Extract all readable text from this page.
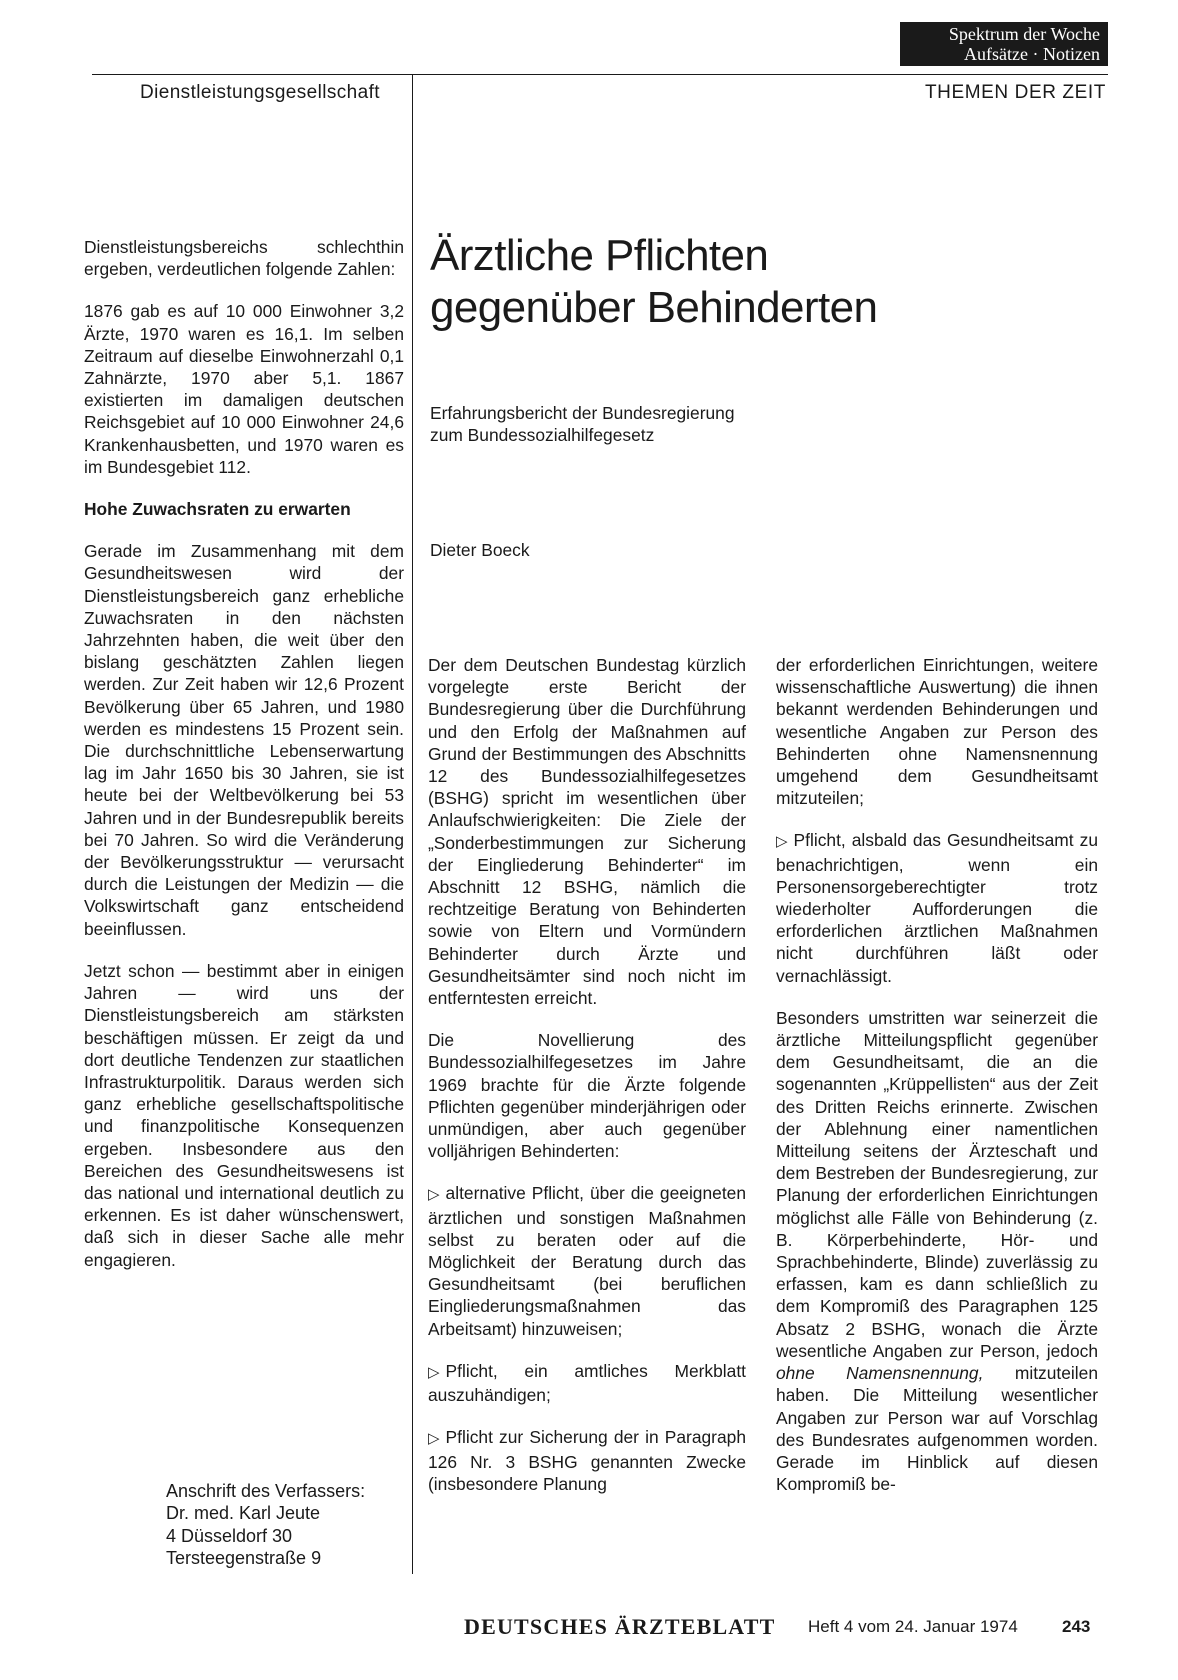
Spektrum der Woche
Aufsätze · Notizen
Dienstleistungsgesellschaft	THEMEN DER ZEIT

Dienstleistungsbereichs schlechthin ergeben, verdeutlichen folgende Zahlen:

1876 gab es auf 10 000 Einwohner 3,2 Ärzte, 1970 waren es 16,1. Im selben Zeitraum auf dieselbe Einwohnerzahl 0,1 Zahnärzte, 1970 aber 5,1. 1867 existierten im damaligen deutschen Reichsgebiet auf 10 000 Einwohner 24,6 Krankenhausbetten, und 1970 waren es im Bundesgebiet 112.

Hohe Zuwachsraten zu erwarten

Gerade im Zusammenhang mit dem Gesundheitswesen wird der Dienstleistungsbereich ganz erhebliche Zuwachsraten in den nächsten Jahrzehnten haben, die weit über den bislang geschätzten Zahlen liegen werden. Zur Zeit haben wir 12,6 Prozent Bevölkerung über 65 Jahren, und 1980 werden es mindestens 15 Prozent sein. Die durchschnittliche Lebenserwartung lag im Jahr 1650 bis 30 Jahren, sie ist heute bei der Weltbevölkerung bei 53 Jahren und in der Bundesrepublik bereits bei 70 Jahren. So wird die Veränderung der Bevölkerungsstruktur — verursacht durch die Leistungen der Medizin — die Volkswirtschaft ganz entscheidend beeinflussen.

Jetzt schon — bestimmt aber in einigen Jahren — wird uns der Dienstleistungsbereich am stärksten beschäftigen müssen. Er zeigt da und dort deutliche Tendenzen zur staatlichen Infrastrukturpolitik. Daraus werden sich ganz erhebliche gesellschaftspolitische und finanzpolitische Konsequenzen ergeben. Insbesondere aus den Bereichen des Gesundheitswesens ist das national und international deutlich zu erkennen. Es ist daher wünschenswert, daß sich in dieser Sache alle mehr engagieren.

Anschrift des Verfassers:
Dr. med. Karl Jeute
4 Düsseldorf 30
Tersteegenstraße 9
Ärztliche Pflichten
gegenüber Behinderten
Erfahrungsbericht der Bundesregierung
zum Bundessozialhilfegesetz
Dieter Boeck

Der dem Deutschen Bundestag kürzlich vorgelegte erste Bericht der Bundesregierung über die Durchführung und den Erfolg der Maßnahmen auf Grund der Bestimmungen des Abschnitts 12 des Bundessozialhilfegesetzes (BSHG) spricht im wesentlichen über Anlaufschwierigkeiten: Die Ziele der „Sonderbestimmungen zur Sicherung der Eingliederung Behinderter“ im Abschnitt 12 BSHG, nämlich die rechtzeitige Beratung von Behinderten sowie von Eltern und Vormündern Behinderter durch Ärzte und Gesundheitsämter sind noch nicht im entferntesten erreicht.

Die Novellierung des Bundessozialhilfegesetzes im Jahre 1969 brachte für die Ärzte folgende Pflichten gegenüber minderjährigen oder unmündigen, aber auch gegenüber volljährigen Behinderten:

▷ alternative Pflicht, über die geeigneten ärztlichen und sonstigen Maßnahmen selbst zu beraten oder auf die Möglichkeit der Beratung durch das Gesundheitsamt (bei beruflichen Eingliederungsmaßnahmen das Arbeitsamt) hinzuweisen;

▷ Pflicht, ein amtliches Merkblatt auszuhändigen;

▷ Pflicht zur Sicherung der in Paragraph 126 Nr. 3 BSHG genannten Zwecke (insbesondere Planung

der erforderlichen Einrichtungen, weitere wissenschaftliche Auswertung) die ihnen bekannt werdenden Behinderungen und wesentliche Angaben zur Person des Behinderten ohne Namensnennung umgehend dem Gesundheitsamt mitzuteilen;

▷ Pflicht, alsbald das Gesundheitsamt zu benachrichtigen, wenn ein Personensorgeberechtigter trotz wiederholter Aufforderungen die erforderlichen ärztlichen Maßnahmen nicht durchführen läßt oder vernachlässigt.

Besonders umstritten war seinerzeit die ärztliche Mitteilungspflicht gegenüber dem Gesundheitsamt, die an die sogenannten „Krüppellisten“ aus der Zeit des Dritten Reichs erinnerte. Zwischen der Ablehnung einer namentlichen Mitteilung seitens der Ärzteschaft und dem Bestreben der Bundesregierung, zur Planung der erforderlichen Einrichtungen möglichst alle Fälle von Behinderung (z. B. Körperbehinderte, Hör- und Sprachbehinderte, Blinde) zuverlässig zu erfassen, kam es dann schließlich zu dem Kompromiß des Paragraphen 125 Absatz 2 BSHG, wonach die Ärzte wesentliche Angaben zur Person, jedoch ohne Namensnennung, mitzuteilen haben. Die Mitteilung wesentlicher Angaben zur Person war auf Vorschlag des Bundesrates aufgenommen worden. Gerade im Hinblick auf diesen Kompromiß be-

DEUTSCHES ÄRZTEBLATT Heft 4 vom 24. Januar 1974	243
